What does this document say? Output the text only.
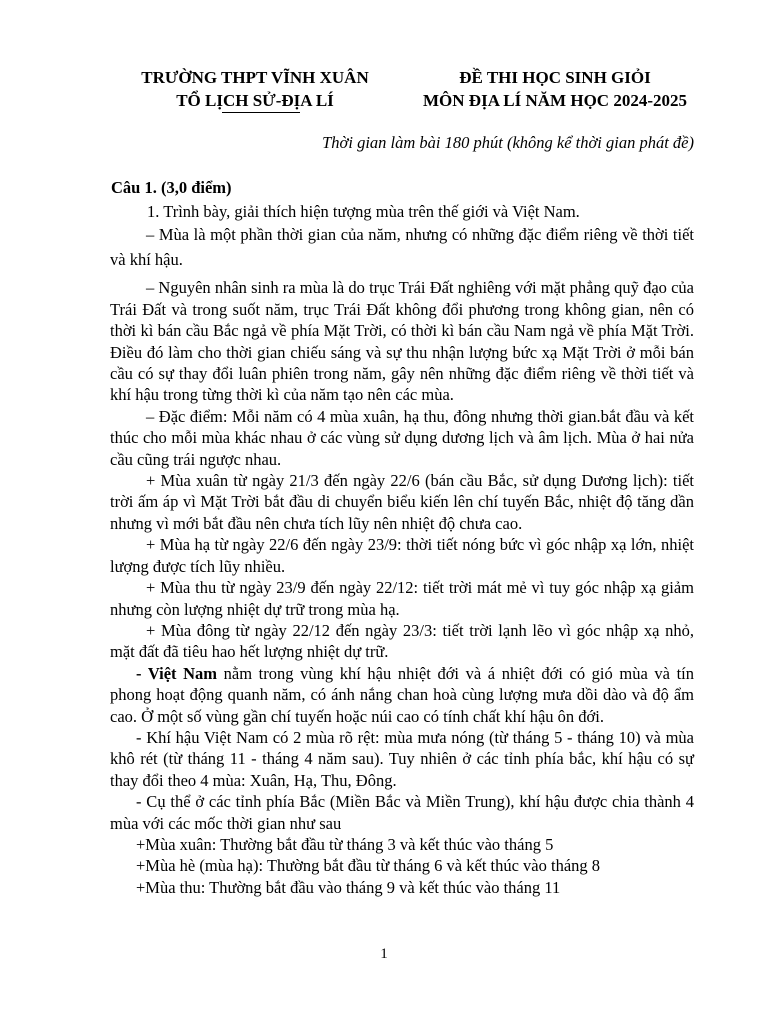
TRƯỜNG THPT VĨNH XUÂN
TỔ LỊCH SỬ-ĐỊA LÍ
ĐỀ THI HỌC SINH GIỎI
MÔN ĐỊA LÍ NĂM HỌC 2024-2025
Thời gian làm bài 180 phút (không kể thời gian phát đề)
Câu 1. (3,0 điểm)

1. Trình bày, giải thích hiện tượng mùa trên thế giới và Việt Nam.

– Mùa là một phần thời gian của năm, nhưng có những đặc điểm riêng về thời tiết và khí hậu.

– Nguyên nhân sinh ra mùa là do trục Trái Đất nghiêng với mặt phẳng quỹ đạo của Trái Đất và trong suốt năm, trục Trái Đất không đổi phương trong không gian, nên có thời kì bán cầu Bắc ngả về phía Mặt Trời, có thời kì bán cầu Nam ngả về phía Mặt Trời. Điều đó làm cho thời gian chiếu sáng và sự thu nhận lượng bức xạ Mặt Trời ở mỗi bán cầu có sự thay đổi luân phiên trong năm, gây nên những đặc điểm riêng về thời tiết và khí hậu trong từng thời kì của năm tạo nên các mùa.

– Đặc điểm: Mỗi năm có 4 mùa xuân, hạ thu, đông nhưng thời gian.bắt đầu và kết thúc cho mỗi mùa khác nhau ở các vùng sử dụng dương lịch và âm lịch. Mùa ở hai nửa cầu cũng trái ngược nhau.

+ Mùa xuân từ ngày 21/3 đến ngày 22/6 (bán cầu Bắc, sử dụng Dương lịch): tiết trời ấm áp vì Mặt Trời bắt đầu di chuyển biểu kiến lên chí tuyến Bắc, nhiệt độ tăng dần nhưng vì mới bắt đầu nên chưa tích lũy nên nhiệt độ chưa cao.

+ Mùa hạ từ ngày 22/6 đến ngày 23/9: thời tiết nóng bức vì góc nhập xạ lớn, nhiệt lượng được tích lũy nhiều.

+ Mùa thu từ ngày 23/9 đến ngày 22/12: tiết trời mát mẻ vì tuy góc nhập xạ giảm nhưng còn lượng nhiệt dự trữ trong mùa hạ.

+ Mùa đông từ ngày 22/12 đến ngày 23/3: tiết trời lạnh lẽo vì góc nhập xạ nhỏ, mặt đất đã tiêu hao hết lượng nhiệt dự trữ.

- Việt Nam nằm trong vùng khí hậu nhiệt đới và á nhiệt đới có gió mùa và tín phong hoạt động quanh năm, có ánh nắng chan hoà cùng lượng mưa dồi dào và độ ẩm cao. Ở một số vùng gần chí tuyến hoặc núi cao có tính chất khí hậu ôn đới.

- Khí hậu Việt Nam có 2 mùa rõ rệt: mùa mưa nóng (từ tháng 5 - tháng 10) và mùa khô rét (từ tháng 11 - tháng 4 năm sau). Tuy nhiên ở các tỉnh phía bắc, khí hậu có sự thay đổi theo 4 mùa: Xuân, Hạ, Thu, Đông.

- Cụ thể ở các tỉnh phía Bắc (Miền Bắc và Miền Trung), khí hậu được chia thành 4 mùa với các mốc thời gian như sau

+Mùa xuân: Thường bắt đầu từ tháng 3 và kết thúc vào tháng 5

+Mùa hè (mùa hạ): Thường bắt đầu từ tháng 6 và kết thúc vào tháng 8

+Mùa thu: Thường bắt đầu vào tháng 9 và kết thúc vào tháng 11

1
